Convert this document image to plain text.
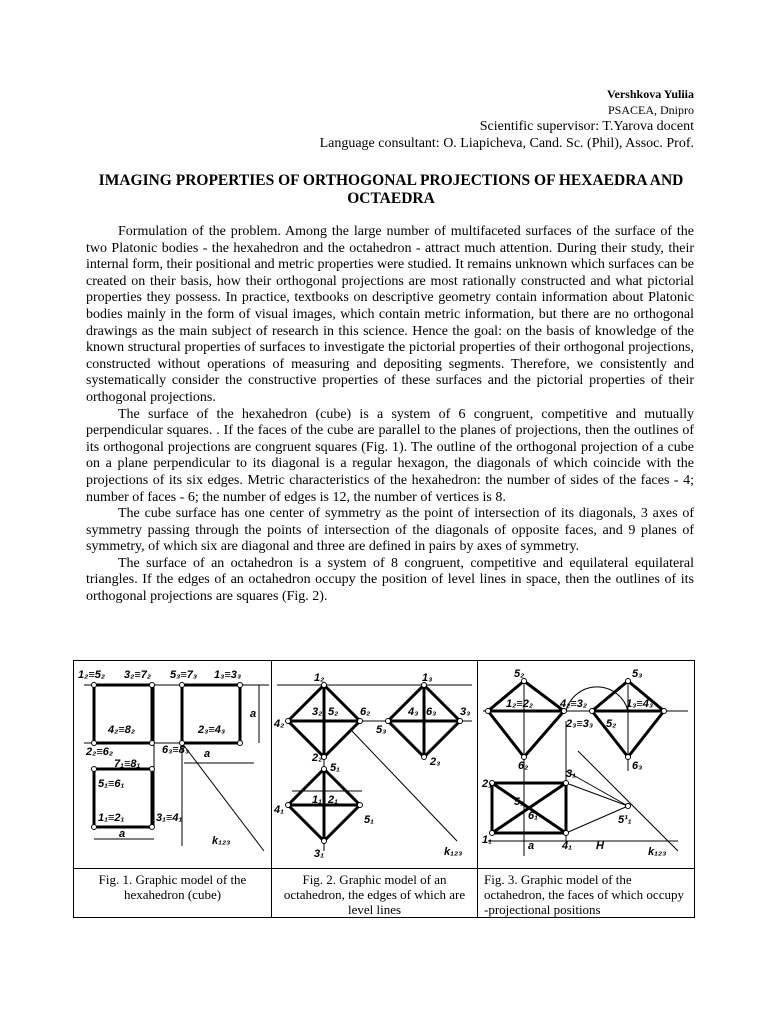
Vershkova Yuliia
PSACEA, Dnipro
Scientific supervisor: T.Yarova docent
Language consultant: O. Liapicheva, Cand. Sc. (Phil), Assoc. Prof.
IMAGING PROPERTIES OF ORTHOGONAL PROJECTIONS OF HEXAEDRA AND OCTAEDRA

Formulation of the problem. Among the large number of multifaceted surfaces of the surface of the two Platonic bodies - the hexahedron and the octahedron - attract much attention. During their study, their internal form, their positional and metric properties were studied. It remains unknown which surfaces can be created on their basis, how their orthogonal projections are most rationally constructed and what pictorial properties they possess. In practice, textbooks on descriptive geometry contain information about Platonic bodies mainly in the form of visual images, which contain metric information, but there are no orthogonal drawings as the main subject of research in this science. Hence the goal: on the basis of knowledge of the known structural properties of surfaces to investigate the pictorial properties of their orthogonal projections, constructed without operations of measuring and depositing segments. Therefore, we consistently and systematically consider the constructive properties of these surfaces and the pictorial properties of their orthogonal projections.

The surface of the hexahedron (cube) is a system of 6 congruent, competitive and mutually perpendicular squares. . If the faces of the cube are parallel to the planes of projections, then the outlines of its orthogonal projections are congruent squares (Fig. 1). The outline of the orthogonal projection of a cube on a plane perpendicular to its diagonal is a regular hexagon, the diagonals of which coincide with the projections of its six edges. Metric characteristics of the hexahedron: the number of sides of the faces - 4; number of faces - 6; the number of edges is 12, the number of vertices is 8.

The cube surface has one center of symmetry as the point of intersection of its diagonals, 3 axes of symmetry passing through the points of intersection of the diagonals of opposite faces, and 9 planes of symmetry, of which six are diagonal and three are defined in pairs by axes of symmetry.

The surface of an octahedron is a system of 8 congruent, competitive and equilateral equilateral triangles. If the edges of an octahedron occupy the position of level lines in space, then the outlines of its orthogonal projections are squares (Fig. 2).

1₂≡5₂ 3₂≡7₂ 5₃≡7₃ 1₃≡3₃
4₂≡8₂	2₃≡4₃
2₂≡6₂	6₃≡8₃
7₁≡8₁
5₁≡6₁
1₁≡2₁	3₁≡4₁
a
a
a
k₁₂₃
Fig. 1. Graphic model of the hexahedron (cube)
1₂	1₃
4₂
3₂ 5₂ 6₂	4₃ 6₃ 3₃
5₃
2₂	2₃
5₁
4₁
1₁ 2₁
5₁
3₁	k₁₂₃
Fig. 2. Graphic model of an octahedron, the edges of which are level lines
5₂	5₃
1₂≡2₂ 4₂≡3₂	1₃≡4₃
2₃≡3₃ 5₂
6₂	6₃
2₁
3₁
5₁
6₁	5¹₁
1₁	4₁
a	H	k₁₂₃
Fig. 3. Graphic model of the octahedron, the faces of which occupy -projectional positions
